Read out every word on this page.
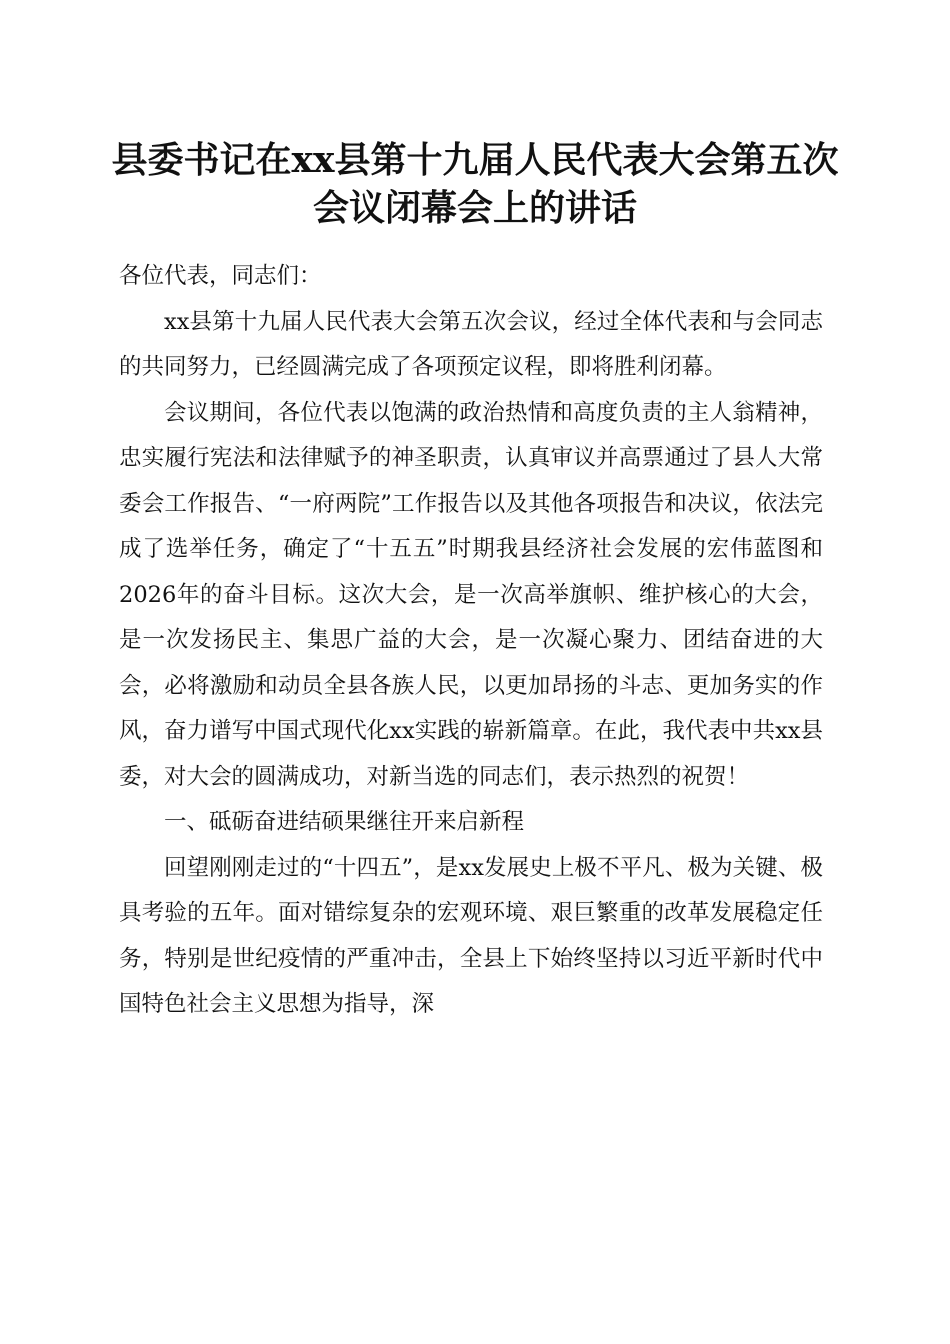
县委书记在xx县第十九届人民代表大会第五次会议闭幕会上的讲话

各位代表，同志们：

xx县第十九届人民代表大会第五次会议，经过全体代表和与会同志的共同努力，已经圆满完成了各项预定议程，即将胜利闭幕。

会议期间，各位代表以饱满的政治热情和高度负责的主人翁精神，忠实履行宪法和法律赋予的神圣职责，认真审议并高票通过了县人大常委会工作报告、“一府两院”工作报告以及其他各项报告和决议，依法完成了选举任务，确定了“十五五”时期我县经济社会发展的宏伟蓝图和2026年的奋斗目标。这次大会，是一次高举旗帜、维护核心的大会，是一次发扬民主、集思广益的大会，是一次凝心聚力、团结奋进的大会，必将激励和动员全县各族人民，以更加昂扬的斗志、更加务实的作风，奋力谱写中国式现代化xx实践的崭新篇章。在此，我代表中共xx县委，对大会的圆满成功，对新当选的同志们，表示热烈的祝贺！

一、砥砺奋进结硕果继往开来启新程

回望刚刚走过的“十四五”，是xx发展史上极不平凡、极为关键、极具考验的五年。面对错综复杂的宏观环境、艰巨繁重的改革发展稳定任务，特别是世纪疫情的严重冲击，全县上下始终坚持以习近平新时代中国特色社会主义思想为指导，深
